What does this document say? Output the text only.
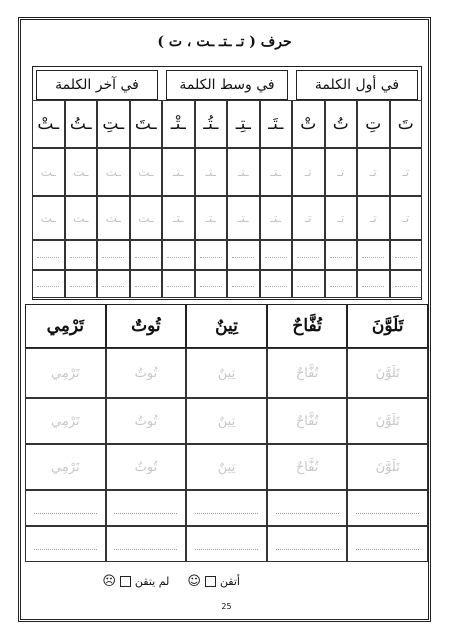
حرف ( تـ ـتـ ـت ، ت )
في أول الكلمة
تَ
تـ
تـ
تِ
تـ
تـ
تُ
تـ
تـ
تْ
تـ
تـ
في وسط الكلمة
ـتَـ
ـتـ
ـتـ
ـتِـ
ـتـ
ـتـ
ـتُـ
ـتـ
ـتـ
ـتْـ
ـتـ
ـتـ
في آخر الكلمة
ـتَ
ـت
ـت
ـتِ
ـت
ـت
ـتُ
ـت
ـت
ـتْ
ـت
ـت
تَلَوَّنَ
تَلَوَّنَ
تَلَوَّنَ
تَلَوَّنَ
تُفَّاحٌ
تُفَّاحٌ
تُفَّاحٌ
تُفَّاحٌ
تِينٌ
تِينٌ
تِينٌ
تِينٌ
تُوتٌ
تُوتٌ
تُوتٌ
تُوتٌ
تَرْمِي
تَرْمِي
تَرْمِي
تَرْمِي
أتقن
☺
لم يتقن
☹
25
